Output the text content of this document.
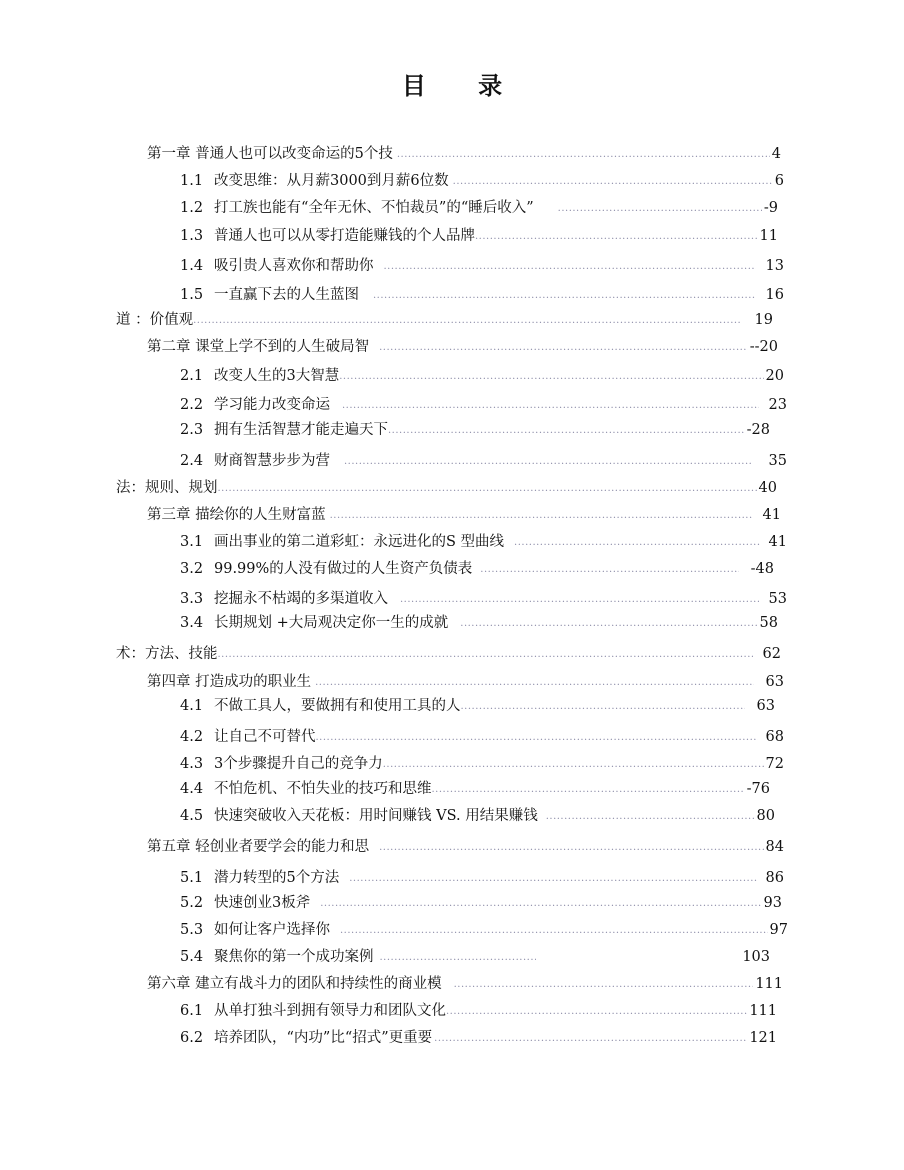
目 录
第一章 普通人也可以改变命运的5个技 .....	4
1.1 改变思维：从月薪3000到月薪6位数 .....	6
1.2 打工族也能有“全年无休、不怕裁员”的“睡后收入” .....	-9
1.3 普通人也可以从零打造能赚钱的个人品牌 .....	11
1.4 吸引贵人喜欢你和帮助你 .....	13
1.5 一直赢下去的人生蓝图 .....	16
道 ：价值观 .....	19
第二章 课堂上学不到的人生破局智 .....	--20
2.1 改变人生的3大智慧 .....	20
2.2 学习能力改变命运 .....	23
2.3 拥有生活智慧才能走遍天下 .....	-28
2.4 财商智慧步步为营 .....	35
法：规则、规划 .....	40
第三章 描绘你的人生财富蓝 .....	41
3.1 画出事业的第二道彩虹：永远进化的S 型曲线 .....	41
3.2 99.99%的人没有做过的人生资产负债表 .....	-48
3.3 挖掘永不枯竭的多渠道收入 .....	53
3.4 长期规划 +大局观决定你一生的成就 .....	58
术：方法、技能 .....	62
第四章 打造成功的职业生 .....	63
4.1 不做工具人，要做拥有和使用工具的人 .....	63
4.2 让自己不可替代 .....	68
4.3 3个步骤提升自己的竞争力 .....	72
4.4 不怕危机、不怕失业的技巧和思维 .....	-76
4.5 快速突破收入天花板：用时间赚钱 VS. 用结果赚钱 .....	80
第五章 轻创业者要学会的能力和思 .....	84
5.1 潜力转型的5个方法 .....	86
5.2 快速创业3板斧 .....	93
5.3 如何让客户选择你 .....	97
5.4 聚焦你的第一个成功案例 .....	103
第六章 建立有战斗力的团队和持续性的商业模 .....	111
6.1 从单打独斗到拥有领导力和团队文化 .....	111
6.2 培养团队，“内功”比“招式”更重要 .....	121
